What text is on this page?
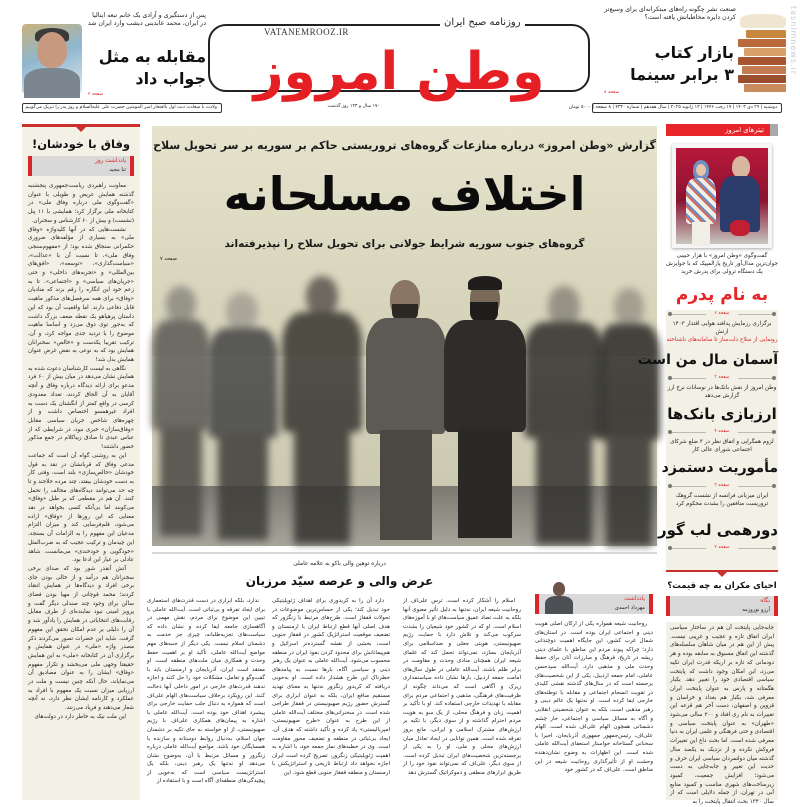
پس از دستگیری و آزادی یک خانم تبعه ایتالیا در ایران، محمد عابدینی دیشب وارد ایران شد
مقابله به مثل
جواب داد
صفحه ۲
روزنامه صبح ایران
VATANEMROOZ.IR
وطن امروز
صنعت نشر چگونه راه‌های مبتکرانه‌ای برای وسیع‌تر کردن دایره مخاطبانش یافته است؟
بازار کتاب
۳ برابر سینما
صفحه ۸
ولادت با سعادت دبت اول باافتخار امیر المومنین حضرت علی علیه‌السلام و روز پدر را تبریک می‌گوییم	۱۷۰ سال و ۱۲۳ روز گذشت	دوشنبه | ۲۹ دی ۱۴۰۳ | ۱۷ رجب ۱۴۴۶ | ۱۳ ژانویه ۲۰۲۵ | سال هفدهم | شماره ۴۳۳۰ | ۸ صفحه | ۵۰۰۰ تومان
tasnimnews.ir
وفاق با خودشان!
یادداشت روز
ثنا مجید

معاونت راهبردی ریاست‌جمهوری پنجشنبه گذشته همایش عریض و طویلی با عنوان «گفت‌وگوی ملی درباره وفاق ملی» در کتابخانه ملی برگزار کرد؛ همایشی با ۱۱ پنل (نشست) و بیش از ۶۰ کارشناس و سخنران.

نشست‌هایی که در آنها کلیدواژه «وفاق ملی» به بسیاری از مؤلفه‌های ضروری حکمرانی سنجاق شده بود؛ از «مفهوم‌سنجی وفاق ملی»، تا نسبت آن با «عدالت»، «سیاست‌گذاری»، «توسعه»، «افق‌های بین‌المللی» و «تجربه‌های داخلی» و حتی «جریان‌های سیاسی» و «اجتماعی». تا به زعم خود این انگاره را رقم بزند که منادیان «وفاق» برای همه سرفصل‌های مذکور ماهیت قابل دفاعی دارند. اما واقعیت آن بود که این داستان پرهیاهو یک نقطه ضعف بزرگ داشت که به‌جور توی ذوق می‌زد و اساسا ماهیت موضوع را با تردید جدی مواجه کرد، و آن، ترکیب تقریبا یکدست و «خالص» سخنرانان همایش بود که به نوعی به نقض غرض عنوان همایش بدل شد!

نگاهی به لیست کارشناسان دعوت شده به همایش نشان می‌دهد در میان بیش از ۶۰ فرد مدعو برای ارائه دیدگاه درباره وفاق و آنچه آقایان به آن الحاق کردند، تعداد معدودی کرسی در واقع کمتر از انگشتان یک دست به افراد غیرهمسو اختصاص داشت و از چهره‌های شاخص جریان سیاسی مقابل «وفاق‌سازان» خبری نبود، در شرایطی که از عباس عبدی تا صادق زیباکلام در جمع مذکور حضور داشتند!

این به روشنی گواه آن است که جماعت مدعی وفاق که قربانشان در نقد به قول خودشان «خالص‌سازی» بلند است، وقتی کار به دست خودشان بیفتد، چند مرده حلاجند و تا چه حد می‌توانند دیدگاه‌های مخالف را تحمل کنند. آن هم در مقطعی که بر طبل «وفاق» می‌کوبند اما بی‌آنکه کسی بخواهد در نقد معنایی که این روزها از «وفاق» اراده می‌شود، قلم‌فرسایی کند و میزان التزام مدعیان این مفهوم را به الزامات آن بسنجد، این چیدمان و ترکیب عجیب که به ضرب‌المثل «خودگویی و خودخندی» می‌مانست، شاهد عادلی بر عیار این ادعا بود.

آتش آنقدر شور بود که صدای برخی سخنرانان هم درآمد و از خالی بودن جای برخی افراد و دیدگاه‌ها در همایش انتقاد کردند؛ محمد قوچانی از مهیا بودن فضای سالن برای وجود چند صندلی دیگر گفت و پرویز امینی نبود نماینده‌ای از طرف مقابل رقابت‌های انتخاباتی در همایش را یادآور شد و آن را دلیلی بر عدم امکان تحقق این مفهوم گرفت. شاید این حضرات تصور می‌کردند ذکر مصدر واژه «ملی» در عنوان همایش و برگزاری آن در کتابخانه «ملی» به این همایش حقیقتا وجهی ملی می‌بخشد و تکرار مفهوم «وفاق» ایشان را به عنوان مصادیق آن می‌نمایاند، حال آنکه چنین نیست و ملت در ارزیابی میزان نسبت یک مفهوم با افراد به عملکرد و کارنامه ایشان نظر دارد، نه آنچه شعار می‌دهند و فریاد می‌زنند.

این ملت نیک به خاطر دارد در دولت‌های

گزارش «وطن امروز» درباره منازعات گروه‌های تروریستی حاکم بر سوریه بر سر تحویل سلاح
اختلاف مسلحانه
گروه‌های جنوب سوریه شرایط جولانی برای تحویل سلاح را نپذیرفته‌اند
صفحه ۷
درباره توهین والی باکو به علامه عاملی
عرض والی و عرصه سیّد مرزبان

ندارد، بلکه ابزاری در دست قدرت‌های استعماری برای ایجاد تفرقه و بی‌ثباتی است. آیت‌الله عاملی با تبیین این موضوع برای مردم، نقش مهمی در آگاهسازی جامعه ایفا کرده و نشان داده که سیاست‌های تجزیه‌طلبانه، چیزی جز خدمت به دشمنان اسلام نیست. یکی دیگر از جنبه‌های مهم مواضع آیت‌الله عاملی، تأکید او بر اهمیت حفظ وحدت و همکاری میان ملت‌های منطقه است. او معتقد است ایران، آذربایجان و ارمنستان باید با گفت‌وگو و تعامل، مشکلات خود را حل کنند و اجازه ندهند قدرت‌های خارجی در امور داخلی آنها دخالت کنند. این رویکرد برخلاف سیاست‌های الهام علی‌اف است که همواره به دنبال جلب حمایت خارجی برای پیشبرد اهداف خود بوده است. آیت‌الله عاملی با اشاره به پیمان‌های همکاری علی‌اف با رژیم صهیونیستی، از او خواسته به جای تکیه بر دشمنان جهان اسلام، به‌دنبال روابط دوستانه و سازنده با همسایگان خود باشد. مواضع آیت‌الله عاملی درباره زنگزور و مسائل مرتبط با آن، به‌وضوح نشان می‌دهد او نه‌تنها یک رهبر دینی، بلکه یک استراتژیست سیاسی است که به‌خوبی از پیچیدگی‌های منطقه‌ای آگاه است و با استفاده از

دارد آن را به کریدوری برای اهداف ژئوپلیتیکی خود تبدیل کند؛ یکی از حساس‌ترین موضوعات در تحولات قفقاز است. طرح‌های مرتبط با زنگزور که هدف اصلی آنها قطع ارتباط ایران با ارمنستان و تضعیف موقعیت استراتژیک کشور در قفقاز جنوبی است، بخشی از نقشه گسترده‌تر اسرائیل و هم‌پیمانانش برای محدود کردن نفوذ ایران در منطقه محسوب می‌شود. آیت‌الله عاملی به عنوان یک رهبر دینی و سیاسی آگاه، بارها نسبت به پیامدهای خطرناک این طرح هشدار داده است. او به‌خوبی دریافته که کریدور زنگزور نه‌تنها به معنای تهدید مستقیم منافع ایران، بلکه به عنوان ابزاری برای گسترش حضور رژیم صهیونیستی در قفقاز طراحی شده است. در سخنرانی‌های مختلف آیت‌الله عاملی از این طرح به عنوان «طرح صهیونیستی- امپریالیستی» یاد کرده و تأکید داشته که هدف آن، ایجاد بی‌ثباتی در منطقه و تضعیف محور مقاومت است. وی در خطبه‌های نماز جمعه خود، با اشاره به اهمیت ژئوپلیتیکی زنگزور، تصریح کرده است ایران اجازه نخواهد داد ارتباط تاریخی و استراتژیکش با ارمنستان و منطقه قفقاز جنوبی قطع شود. این

اسلام را آشکار کرده است. ترس علی‌اف از روحانیت شیعه ایران، نه‌تنها به دلیل تأثیر معنوی آنها بلکه به علت تضاد عمیق سیاست‌های او با آموزه‌های اسلام است. او که در کشور خود شیعیان را بشدت سرکوب می‌کند و تلاش دارد با حمایت رژیم صهیونیستی، هویتی جعلی و ضداسلامی برای آذربایجان بسازد، نمی‌تواند تحمل کند که علمای شیعه ایران همچنان منادی وحدت و مقاومت در برابر ظلم باشند. آیت‌الله عاملی در طول سال‌های امامت جمعه اردبیل، بارها نشان داده سیاستمداری زیرک و آگاهی است که می‌داند چگونه از ظرفیت‌های فرهنگی، مذهبی و اجتماعی مردم برای مقابله با تهدیدات خارجی استفاده کند. او با تأکید بر اهمیت زبان و فرهنگ محلی، از یک سو به هویت مردم احترام گذاشته و از سوی دیگر، با تکیه بر ارزش‌های مشترک اسلامی و ایرانی، مانع بروز تفرقه شده است. همین توانایی در ایجاد تعادل میان ارزش‌های محلی و ملی، او را به یکی از برجسته‌ترین شخصیت‌های ایران تبدیل کرده است. از سوی دیگر، علی‌اف که نمی‌تواند نفوذ خود را از طریق ابزارهای منطقی و دموکراتیک گسترش دهد

یادداشت
مهرداد احمدی

روحانیت شیعه همواره یکی از ارکان اصلی هویت دینی و اجتماعی ایران بوده است. در استان‌های شمال غرب کشور، این جایگاه اهمیت دوچندانی دارد؛ چراکه پیوند مردم این مناطق با علمای دینی ریشه در تاریخ، فرهنگ و مبارزات آنان برای حفظ وحدت ملی و مذهبی دارد. آیت‌الله سیدحسن عاملی، امام جمعه اردبیل، یکی از این شخصیت‌های برجسته است که در سال‌های گذشته نقشی کلیدی در تقویت انسجام اجتماعی و مقابله با توطئه‌های خارجی ایفا کرده است. او نه‌تنها یک عالم دینی و رهبر مذهبی است، بلکه به عنوان شخصیتی انقلابی و آگاه به مسائل سیاسی و اجتماعی، خار چشم دشمنانی همچون الهام علی‌اف شده است. الهام علی‌اف، رئیس‌جمهور جمهوری آذربایجان، اخیرا با سخنانی گستاخانه خواستار استعفای آیت‌الله عاملی شده است. این اظهارات به وضوح نشان‌دهنده وحشت او از تأثیرگذاری روحانیت شیعه در این مناطق است. علی‌اف که در کشور خود

تیترهای امروز
گفت‌وگوی «وطن امروز» با هزار حبیبی جوان‌ترین مدال‌آور تاریخ پارالمپیک که با جوایزش یک دستگاه ترولی برای پدرش خرید
به نام پدرم
صفحه ۶
برگزاری رزمایش پدافند هوایی اقتدار ۱۴۰۳ ارتش
رونمایی از سلاح ذلت‌ساز تا سامانه‌های ناشناخته
آسمان مال من است
صفحه ۳
وطن امروز از نقش بانک‌ها در نوسانات نرخ ارز گزارش می‌دهد
ارزبازی بانک‌ها
صفحه ۴
لزوم همگرایی و اتفاق نظر در ۳ ضلع شرکای اجتماعی شورای عالی کار
مأموریت دستمزد
صفحه ۳
ایران میزبانی فرانسه از نشست گروهک تروریست منافقین را بشدت محکوم کرد
دورهمی لب گور
صفحه ۲
احیای مکران به چه قیمت؟
نگاه
آرزو نوروزمه
جابه‌جایی پایتخت آن هم در ساختار سیاسی ایران اتفاق تازه و عجیب و غریبی نیست. پیش از این هم در میان شاهان سلسله‌های گذشته این اتفاق مسبوق به سابقه بوده و هر دودمانی که تازه بر اریکه قدرت ایران تکیه می‌زد، این امکان وجود داشت که پایتخت سیاسی اقتصادی خود را تغییر دهد. یکبار هگمتانه و پارس به عنوان پایتخت ایران معرفی شد، یکبار هم بغداد و خراسان و قزوین و اصفهان، دست آخر هم قرعه این تغییرات به نام ری افتاد و ۲۰۰ سالی می‌شود «طهران» به عنوان پایتخت سیاسی و اقتصادی و حتی فرهنگی و علمی ایران به دنیا معرفی شده است. اما بحث داغ این تغییرات فروکش نکرده و از نزدیک به یکصد سال گذشته میان دولتمردان سیاسی ایران حرف و حدیث این تغییر و جابه‌جایی به دست می‌شود؛ افزایش جمعیت، کمبود زیرساخت‌های شهری مناسب و کمبود منابع آبی در تهران، از جمله دلایلی است که از سال ۱۳۴۰ بحث انتقال پایتخت را به
